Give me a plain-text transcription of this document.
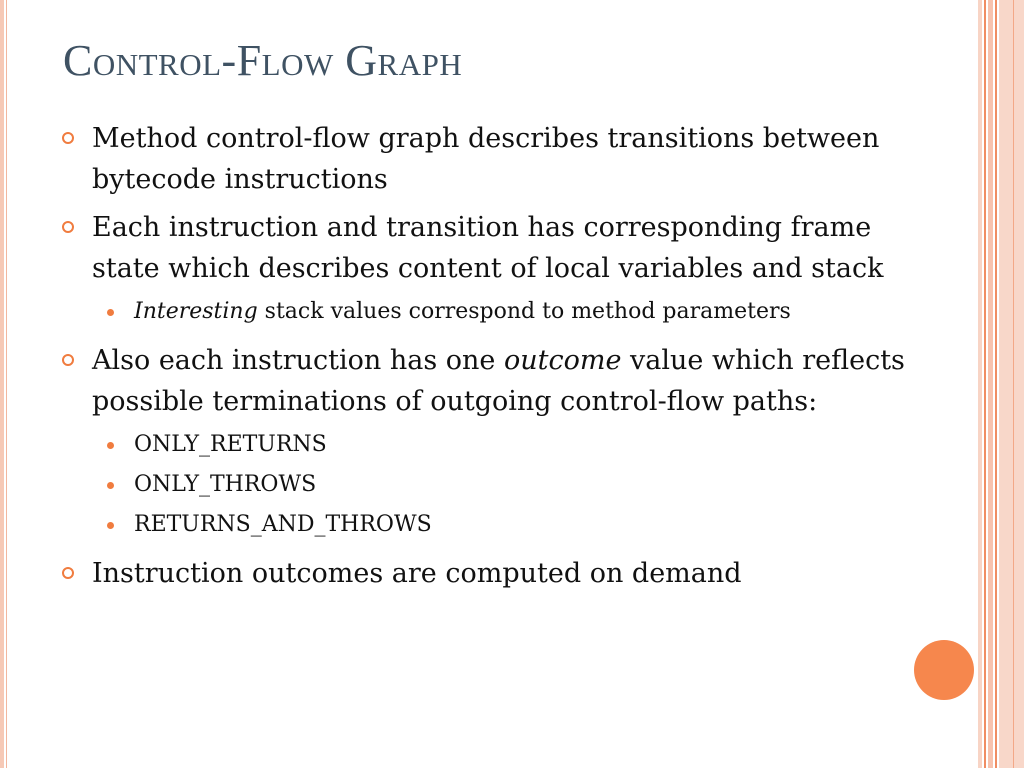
Control-Flow Graph
Method control-flow graph describes transitions between bytecode instructions
Each instruction and transition has corresponding frame state which describes content of local variables and stack
Interesting stack values correspond to method parameters
Also each instruction has one outcome value which reflects possible terminations of outgoing control-flow paths:
ONLY_RETURNS
ONLY_THROWS
RETURNS_AND_THROWS
Instruction outcomes are computed on demand
